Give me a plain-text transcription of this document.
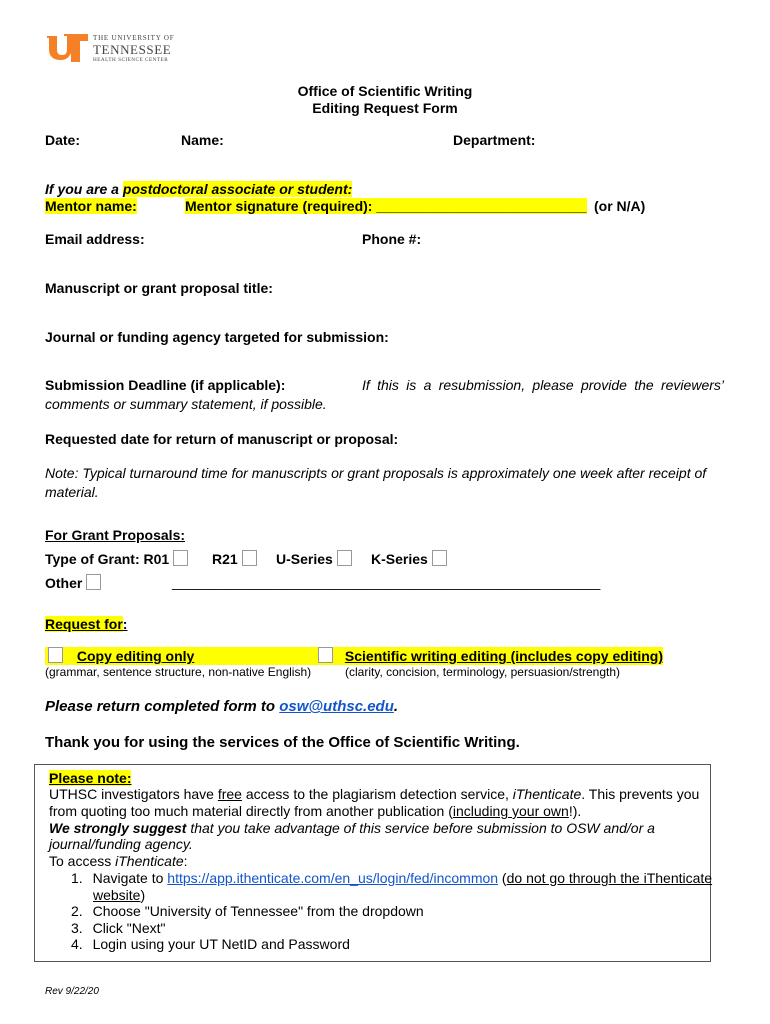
THE UNIVERSITY OF
TENNESSEE
HEALTH SCIENCE CENTER
Office of Scientific Writing
Editing Request Form
Date:	Name:	Department:
If you are a postdoctoral associate or student:
Mentor name:	Mentor signature (required): ___________________________ (or N/A)
Email address:	Phone #:
Manuscript or grant proposal title:
Journal or funding agency targeted for submission:
Submission Deadline (if applicable):	If this is a resubmission, please provide the reviewers’
comments or summary statement, if possible.
Requested date for return of manuscript or proposal:
Note: Typical turnaround time for manuscripts or grant proposals is approximately one week after receipt of
material.
For Grant Proposals:
Type of Grant: R01	R21	U-Series	K-Series
Other	_______________________________________________________
Request for:
Copy editing only
(grammar, sentence structure, non-native English)
Scientific writing editing (includes copy editing)
(clarity, concision, terminology, persuasion/strength)
Please return completed form to osw@uthsc.edu.
Thank you for using the services of the Office of Scientific Writing.
Please note:
UTHSC investigators have free access to the plagiarism detection service, iThenticate. This prevents you
from quoting too much material directly from another publication (including your own!).
We strongly suggest that you take advantage of this service before submission to OSW and/or a
journal/funding agency.
To access iThenticate:
1. Navigate to https://app.ithenticate.com/en_us/login/fed/incommon (do not go through the iThenticate
website)
2. Choose "University of Tennessee" from the dropdown
3. Click "Next"
4. Login using your UT NetID and Password
Rev 9/22/20
